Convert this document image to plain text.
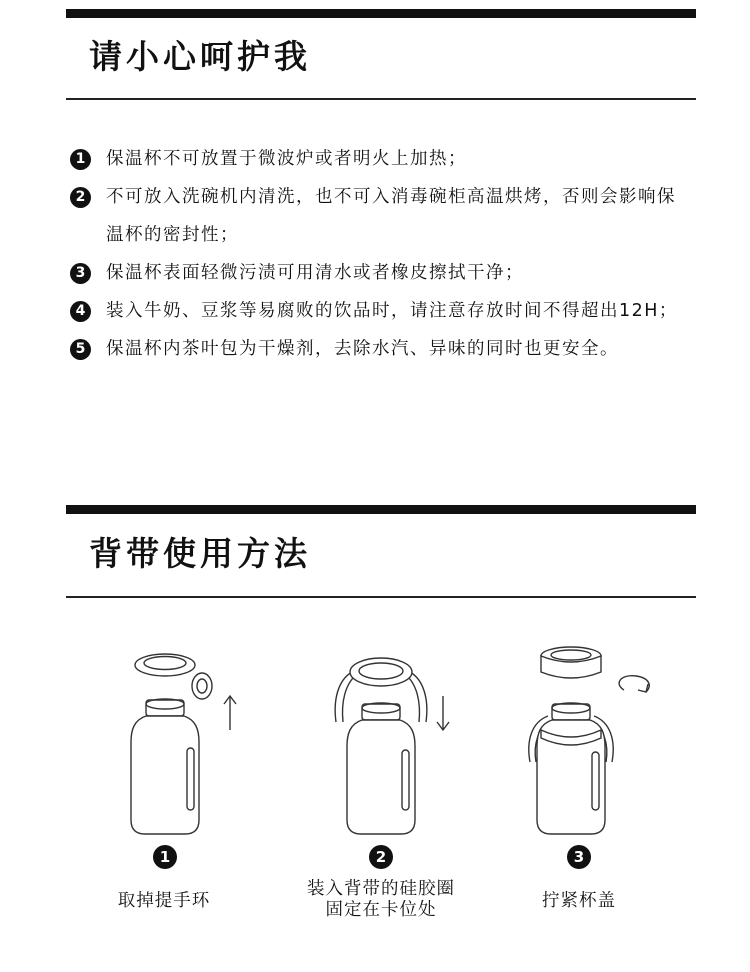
请小心呵护我
1	保温杯不可放置于微波炉或者明火上加热；
2	不可放入洗碗机内清洗，也不可入消毒碗柜高温烘烤，否则会影响保温杯的密封性；
3	保温杯表面轻微污渍可用清水或者橡皮擦拭干净；
4	装入牛奶、豆浆等易腐败的饮品时，请注意存放时间不得超出12H；
5	保温杯内茶叶包为干燥剂，去除水汽、异味的同时也更安全。
背带使用方法
1	2	3
取掉提手环
装入背带的硅胶圈
固定在卡位处	拧紧杯盖
